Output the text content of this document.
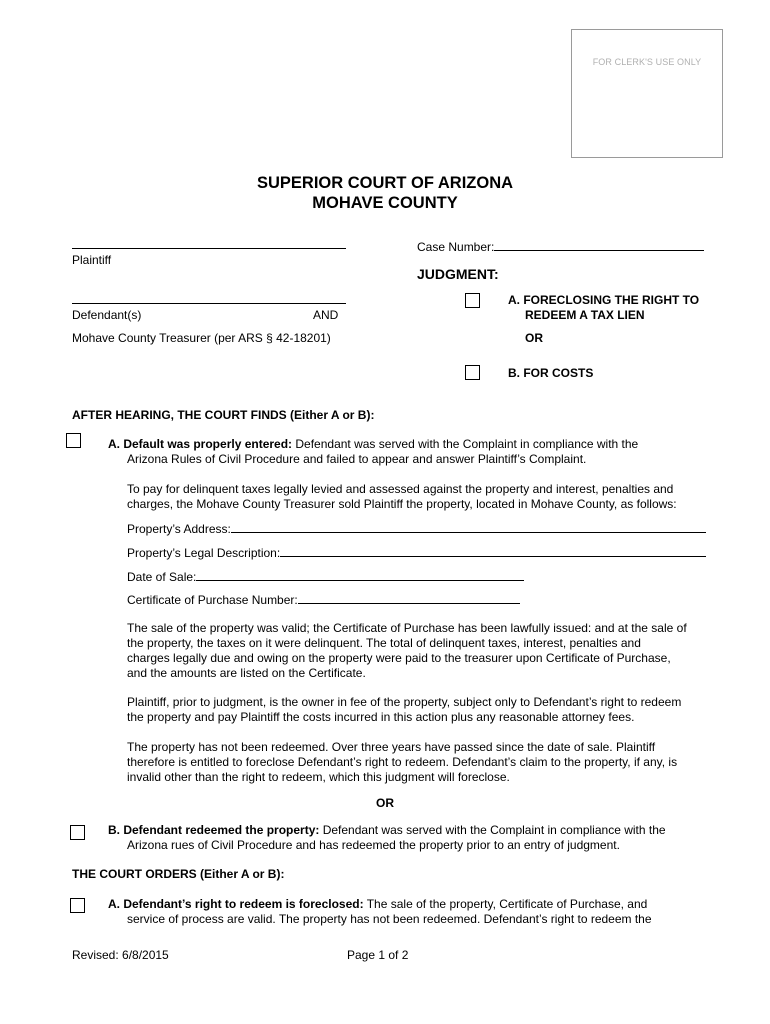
FOR CLERK'S USE ONLY
SUPERIOR COURT OF ARIZONA
MOHAVE COUNTY
Plaintiff
Defendant(s)	AND
Mohave County Treasurer (per ARS § 42-18201)
Case Number:
JUDGMENT:
A. FORECLOSING THE RIGHT TO
REDEEM A TAX LIEN
OR
B. FOR COSTS
AFTER HEARING, THE COURT FINDS (Either A or B):
A. Default was properly entered: Defendant was served with the Complaint in compliance with the
Arizona Rules of Civil Procedure and failed to appear and answer Plaintiff’s Complaint.
To pay for delinquent taxes legally levied and assessed against the property and interest, penalties and
charges, the Mohave County Treasurer sold Plaintiff the property, located in Mohave County, as follows:
Property’s Address:
Property’s Legal Description:
Date of Sale:
Certificate of Purchase Number:
The sale of the property was valid; the Certificate of Purchase has been lawfully issued: and at the sale of
the property, the taxes on it were delinquent. The total of delinquent taxes, interest, penalties and
charges legally due and owing on the property were paid to the treasurer upon Certificate of Purchase,
and the amounts are listed on the Certificate.
Plaintiff, prior to judgment, is the owner in fee of the property, subject only to Defendant’s right to redeem
the property and pay Plaintiff the costs incurred in this action plus any reasonable attorney fees.
The property has not been redeemed. Over three years have passed since the date of sale. Plaintiff
therefore is entitled to foreclose Defendant’s right to redeem. Defendant’s claim to the property, if any, is
invalid other than the right to redeem, which this judgment will foreclose.
OR
B. Defendant redeemed the property: Defendant was served with the Complaint in compliance with the
Arizona rues of Civil Procedure and has redeemed the property prior to an entry of judgment.
THE COURT ORDERS (Either A or B):
A. Defendant’s right to redeem is foreclosed: The sale of the property, Certificate of Purchase, and
service of process are valid. The property has not been redeemed. Defendant’s right to redeem the
Revised: 6/8/2015	Page 1 of 2
